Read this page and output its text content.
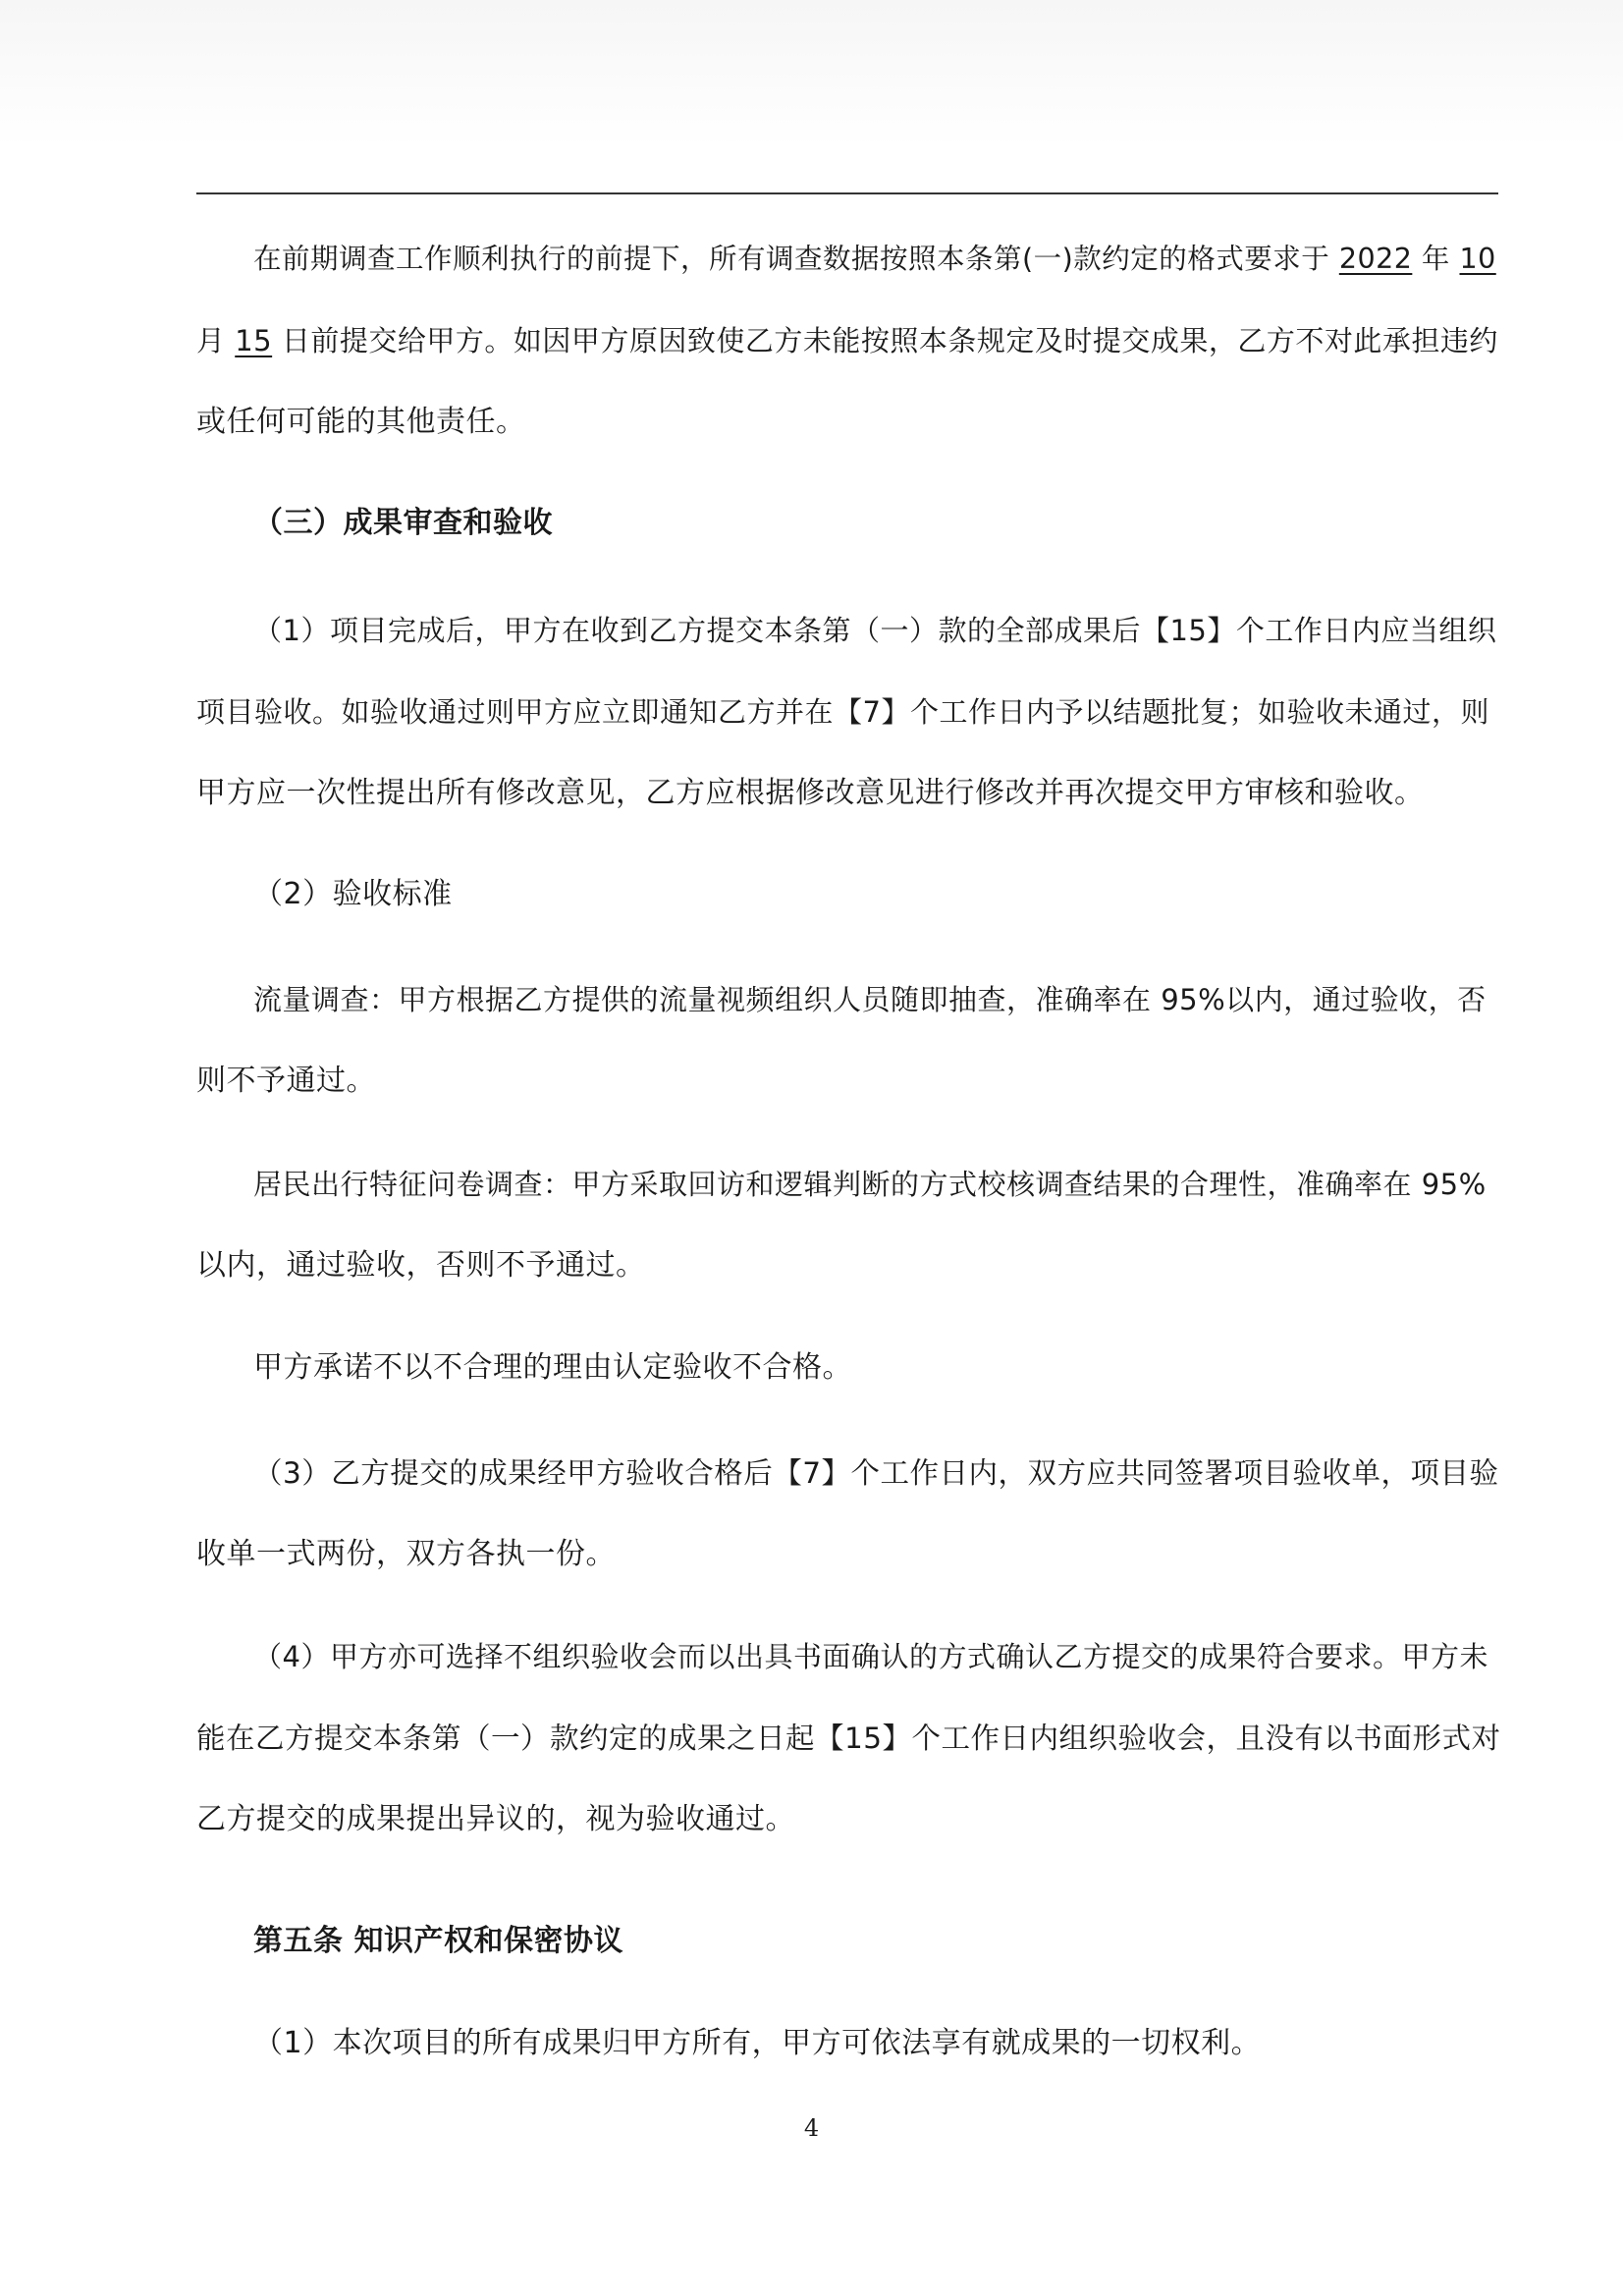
在前期调查工作顺利执行的前提下，所有调查数据按照本条第(一)款约定的格式要求于 2022 年 10
月 15 日前提交给甲方。如因甲方原因致使乙方未能按照本条规定及时提交成果，乙方不对此承担违约
或任何可能的其他责任。
（三）成果审查和验收
（1）项目完成后，甲方在收到乙方提交本条第（一）款的全部成果后【15】个工作日内应当组织
项目验收。如验收通过则甲方应立即通知乙方并在【7】个工作日内予以结题批复；如验收未通过，则
甲方应一次性提出所有修改意见，乙方应根据修改意见进行修改并再次提交甲方审核和验收。
（2）验收标准
流量调查：甲方根据乙方提供的流量视频组织人员随即抽查，准确率在 95%以内，通过验收，否
则不予通过。
居民出行特征问卷调查：甲方采取回访和逻辑判断的方式校核调查结果的合理性，准确率在 95%
以内，通过验收，否则不予通过。
甲方承诺不以不合理的理由认定验收不合格。
（3）乙方提交的成果经甲方验收合格后【7】个工作日内，双方应共同签署项目验收单，项目验
收单一式两份，双方各执一份。
（4）甲方亦可选择不组织验收会而以出具书面确认的方式确认乙方提交的成果符合要求。甲方未
能在乙方提交本条第（一）款约定的成果之日起【15】个工作日内组织验收会，且没有以书面形式对
乙方提交的成果提出异议的，视为验收通过。
第五条 知识产权和保密协议
（1）本次项目的所有成果归甲方所有，甲方可依法享有就成果的一切权利。
4
